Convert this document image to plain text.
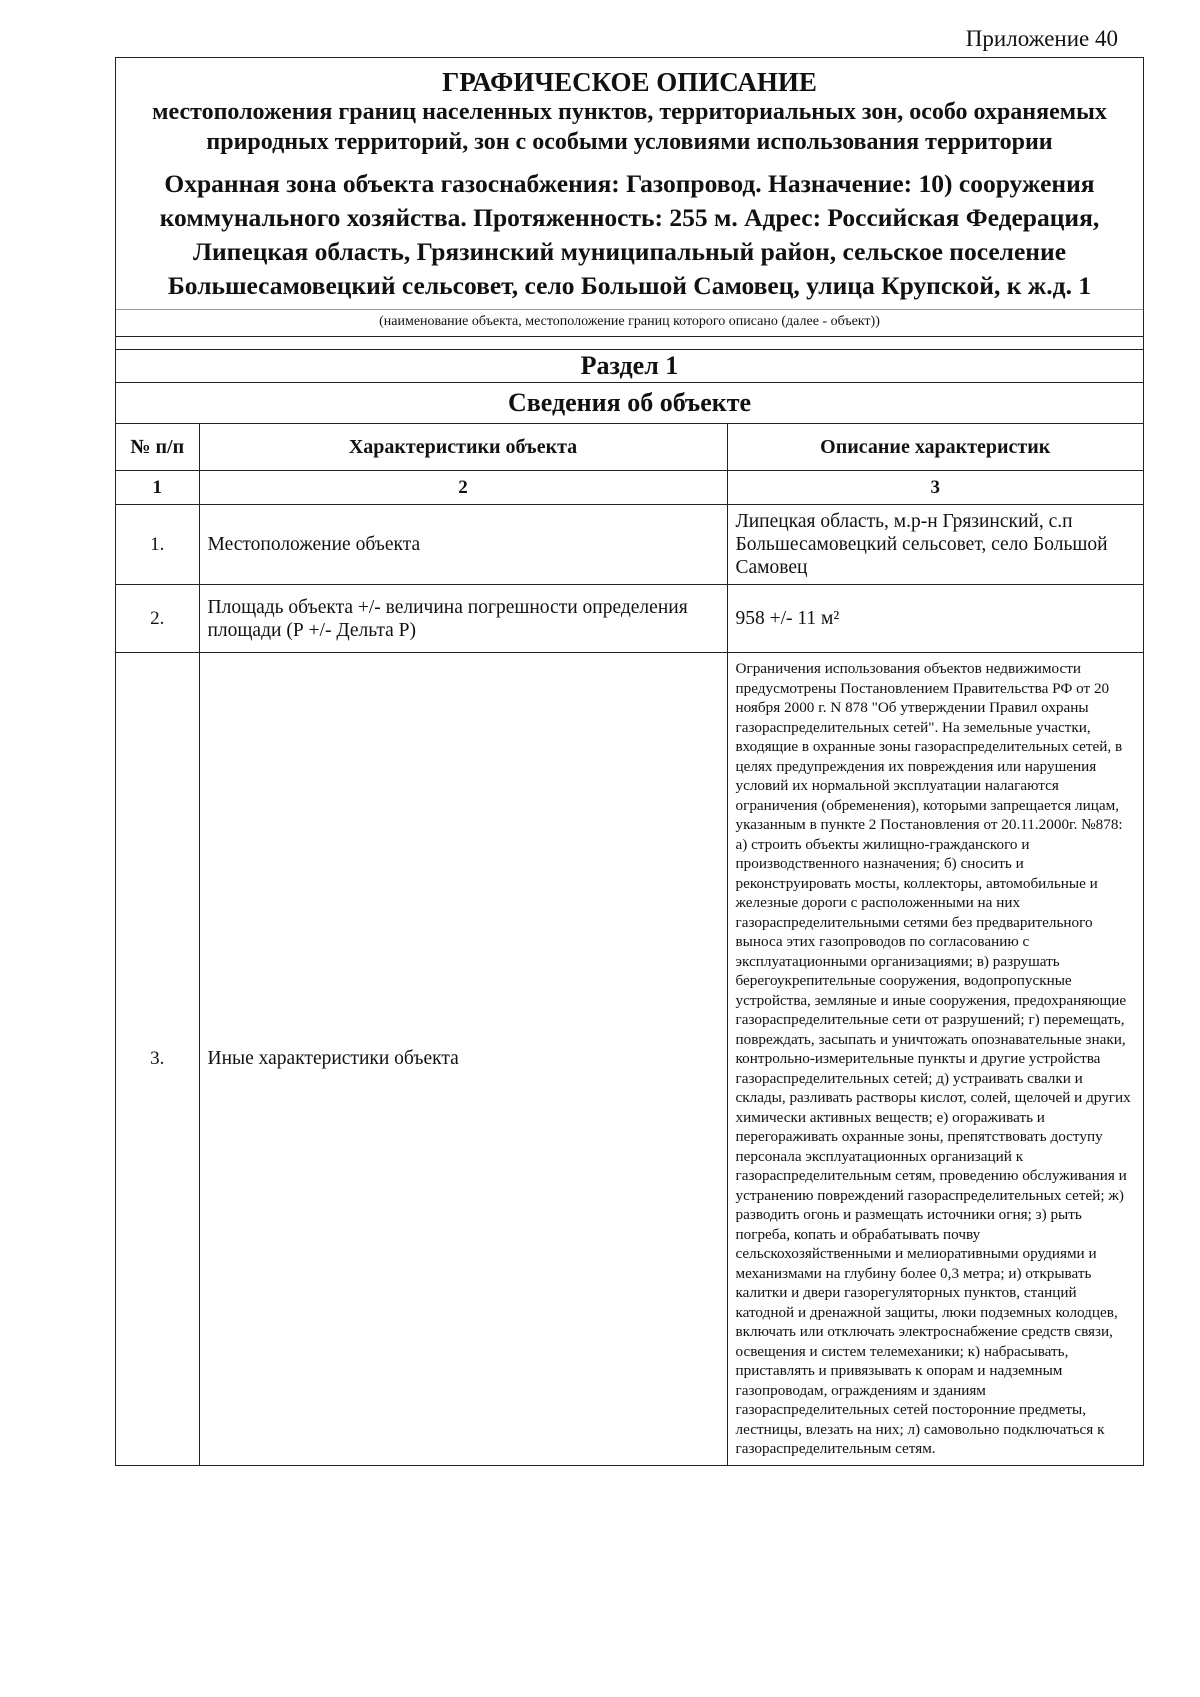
Приложение 40
ГРАФИЧЕСКОЕ ОПИСАНИЕ
местоположения границ населенных пунктов, территориальных зон, особо охраняемых природных территорий, зон с особыми условиями использования территории
Охранная зона объекта газоснабжения: Газопровод. Назначение: 10) сооружения коммунального хозяйства. Протяженность: 255 м. Адрес: Российская Федерация, Липецкая область, Грязинский муниципальный район, сельское поселение Большесамовецкий сельсовет, село Большой Самовец, улица Крупской, к ж.д. 1
(наименование объекта, местоположение границ которого описано (далее - объект))
Раздел 1
Сведения об объекте
№ п/п	Характеристики объекта	Описание характеристик
1	2	3
1.	Местоположение объекта	Липецкая область, м.р-н Грязинский, с.п Большесамовецкий сельсовет, село Большой Самовец
2.	Площадь объекта +/- величина погрешности определения площади (Р +/- Дельта Р)	958 +/- 11 м²
3.	Иные характеристики объекта	Ограничения использования объектов недвижимости предусмотрены Постановлением Правительства РФ от 20 ноября 2000 г. N 878 "Об утверждении Правил охраны газораспределительных сетей". На земельные участки, входящие в охранные зоны газораспределительных сетей, в целях предупреждения их повреждения или нарушения условий их нормальной эксплуатации налагаются ограничения (обременения), которыми запрещается лицам, указанным в пункте 2 Постановления от 20.11.2000г. №878: а) строить объекты жилищно-гражданского и производственного назначения; б) сносить и реконструировать мосты, коллекторы, автомобильные и железные дороги с расположенными на них газораспределительными сетями без предварительного выноса этих газопроводов по согласованию с эксплуатационными организациями; в) разрушать берегоукрепительные сооружения, водопропускные устройства, земляные и иные сооружения, предохраняющие газораспределительные сети от разрушений; г) перемещать, повреждать, засыпать и уничтожать опознавательные знаки, контрольно-измерительные пункты и другие устройства газораспределительных сетей; д) устраивать свалки и склады, разливать растворы кислот, солей, щелочей и других химически активных веществ; е) огораживать и перегораживать охранные зоны, препятствовать доступу персонала эксплуатационных организаций к газораспределительным сетям, проведению обслуживания и устранению повреждений газораспределительных сетей; ж) разводить огонь и размещать источники огня; з) рыть погреба, копать и обрабатывать почву сельскохозяйственными и мелиоративными орудиями и механизмами на глубину более 0,3 метра; и) открывать калитки и двери газорегуляторных пунктов, станций катодной и дренажной защиты, люки подземных колодцев, включать или отключать электроснабжение средств связи, освещения и систем телемеханики; к) набрасывать, приставлять и привязывать к опорам и надземным газопроводам, ограждениям и зданиям газораспределительных сетей посторонние предметы, лестницы, влезать на них; л) самовольно подключаться к газораспределительным сетям.
